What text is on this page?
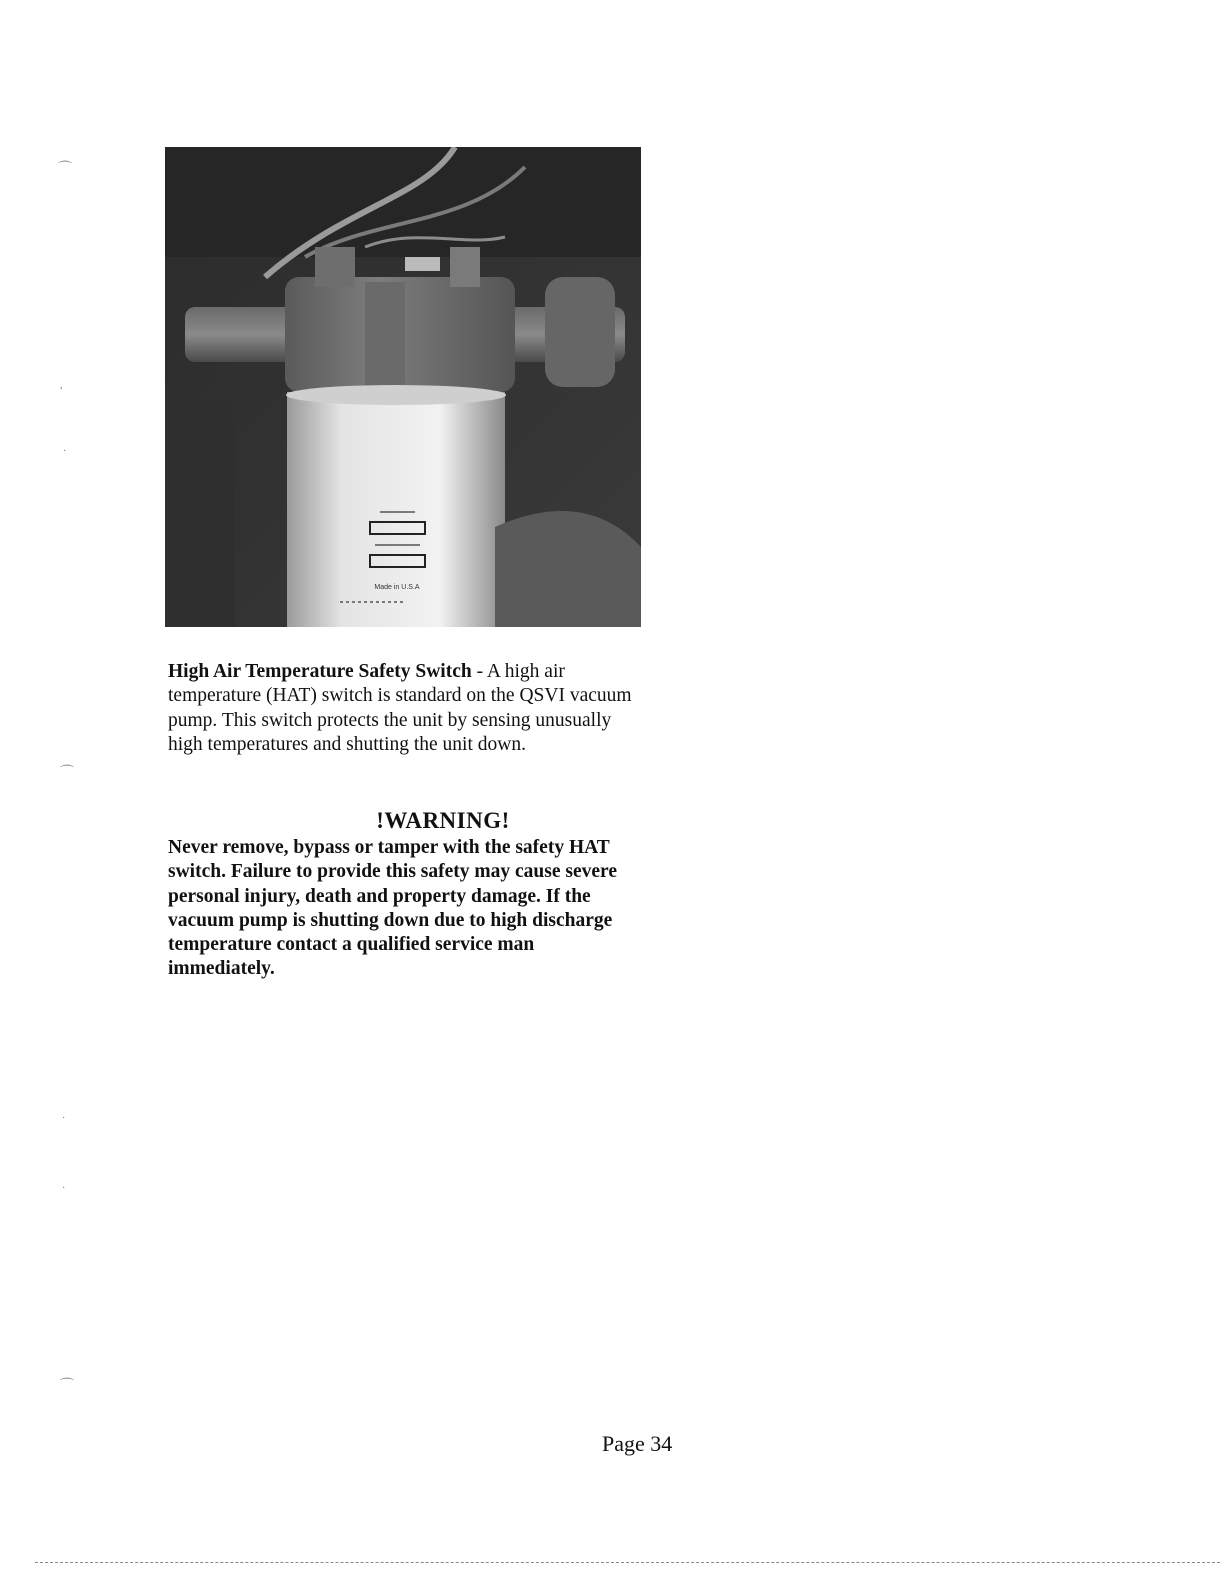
Made in U.S.A
⌒
,
·
⌒
·
·
⌒
High Air Temperature Safety Switch - A high air temperature (HAT) switch is standard on the QSVI vacuum pump. This switch protects the unit by sensing unusually high temperatures and shutting the unit down.
!WARNING!
Never remove, bypass or tamper with the safety HAT switch. Failure to provide this safety may cause severe personal injury, death and property damage. If the vacuum pump is shutting down due to high discharge temperature contact a qualified service man immediately.
Page 34
